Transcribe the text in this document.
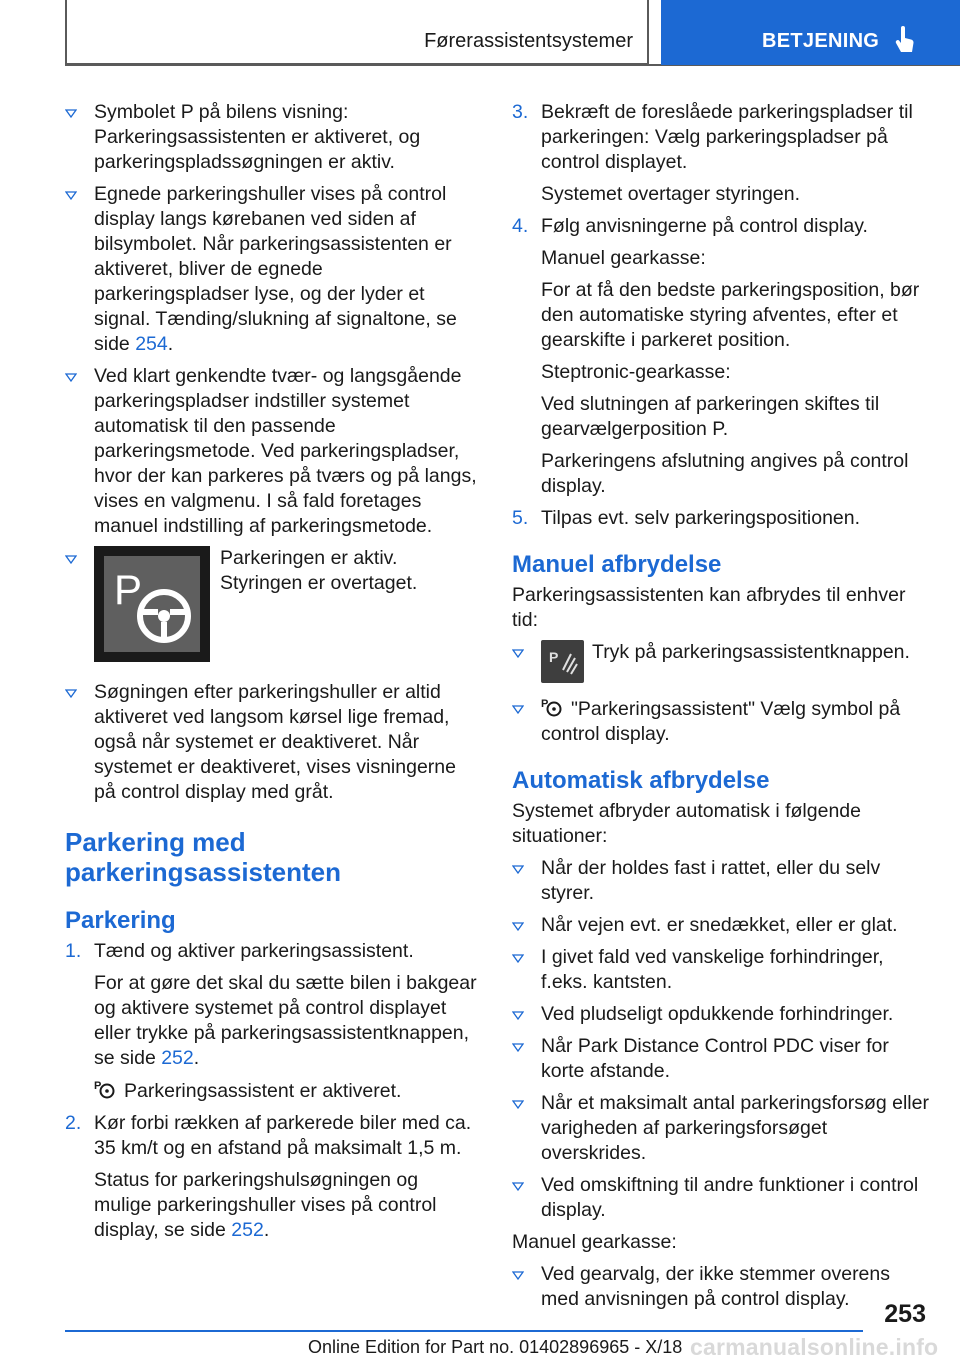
Førerassistentsystemer	BETJENING
Symbolet P på bilens visning: Parkeringsassistenten er aktiveret, og parkeringspladssøgningen er aktiv.
Egnede parkeringshuller vises på control display langs kørebanen ved siden af bilsymbolet. Når parkeringsassistenten er aktiveret, bliver de egnede parkeringspladser lyse, og der lyder et signal. Tænding/slukning af signaltone, se side 254.
Ved klart genkendte tvær- og langsgående parkeringspladser indstiller systemet automatisk til den passende parkeringsmetode. Ved parkeringspladser, hvor der kan parkeres på tværs og på langs, vises en valgmenu. I så fald foretages manuel indstilling af parkeringsmetode.
P
Parkeringen er aktiv. Styringen er overtaget.
Søgningen efter parkeringshuller er altid aktiveret ved langsom kørsel lige fremad, også når systemet er deaktiveret. Når systemet er deaktiveret, vises visningerne på control display med gråt.
Parkering med parkeringsassistenten
Parkering
1. Tænd og aktiver parkeringsassistent.
For at gøre det skal du sætte bilen i bakgear og aktivere systemet på control displayet eller trykke på parkeringsassistentknappen, se side 252.
P Parkeringsassistent er aktiveret.
2. Kør forbi rækken af parkerede biler med ca. 35 km/t og en afstand på maksimalt 1,5 m.
Status for parkeringshulsøgningen og mulige parkeringshuller vises på control display, se side 252.
3. Bekræft de foreslåede parkeringspladser til parkeringen: Vælg parkeringspladser på control displayet.
Systemet overtager styringen.
4. Følg anvisningerne på control display.
Manuel gearkasse:
For at få den bedste parkeringsposition, bør den automatiske styring afventes, efter et gearskifte i parkeret position.
Steptronic-gearkasse:
Ved slutningen af parkeringen skiftes til gearvælgerposition P.
Parkeringens afslutning angives på control display.
5. Tilpas evt. selv parkeringspositionen.
Manuel afbrydelse
Parkeringsassistenten kan afbrydes til enhver tid:
P Tryk på parkeringsassistentknappen.
P "Parkeringsassistent" Vælg symbol på control display.
Automatisk afbrydelse
Systemet afbryder automatisk i følgende situationer:
Når der holdes fast i rattet, eller du selv styrer.
Når vejen evt. er snedækket, eller er glat.
I givet fald ved vanskelige forhindringer, f.eks. kantsten.
Ved pludseligt opdukkende forhindringer.
Når Park Distance Control PDC viser for korte afstande.
Når et maksimalt antal parkeringsforsøg eller varigheden af parkeringsforsøget overskrides.
Ved omskiftning til andre funktioner i control display.
Manuel gearkasse:
Ved gearvalg, der ikke stemmer overens med anvisningen på control display.
253
Online Edition for Part no. 01402896965 - X/18 carmanualsonline.info
